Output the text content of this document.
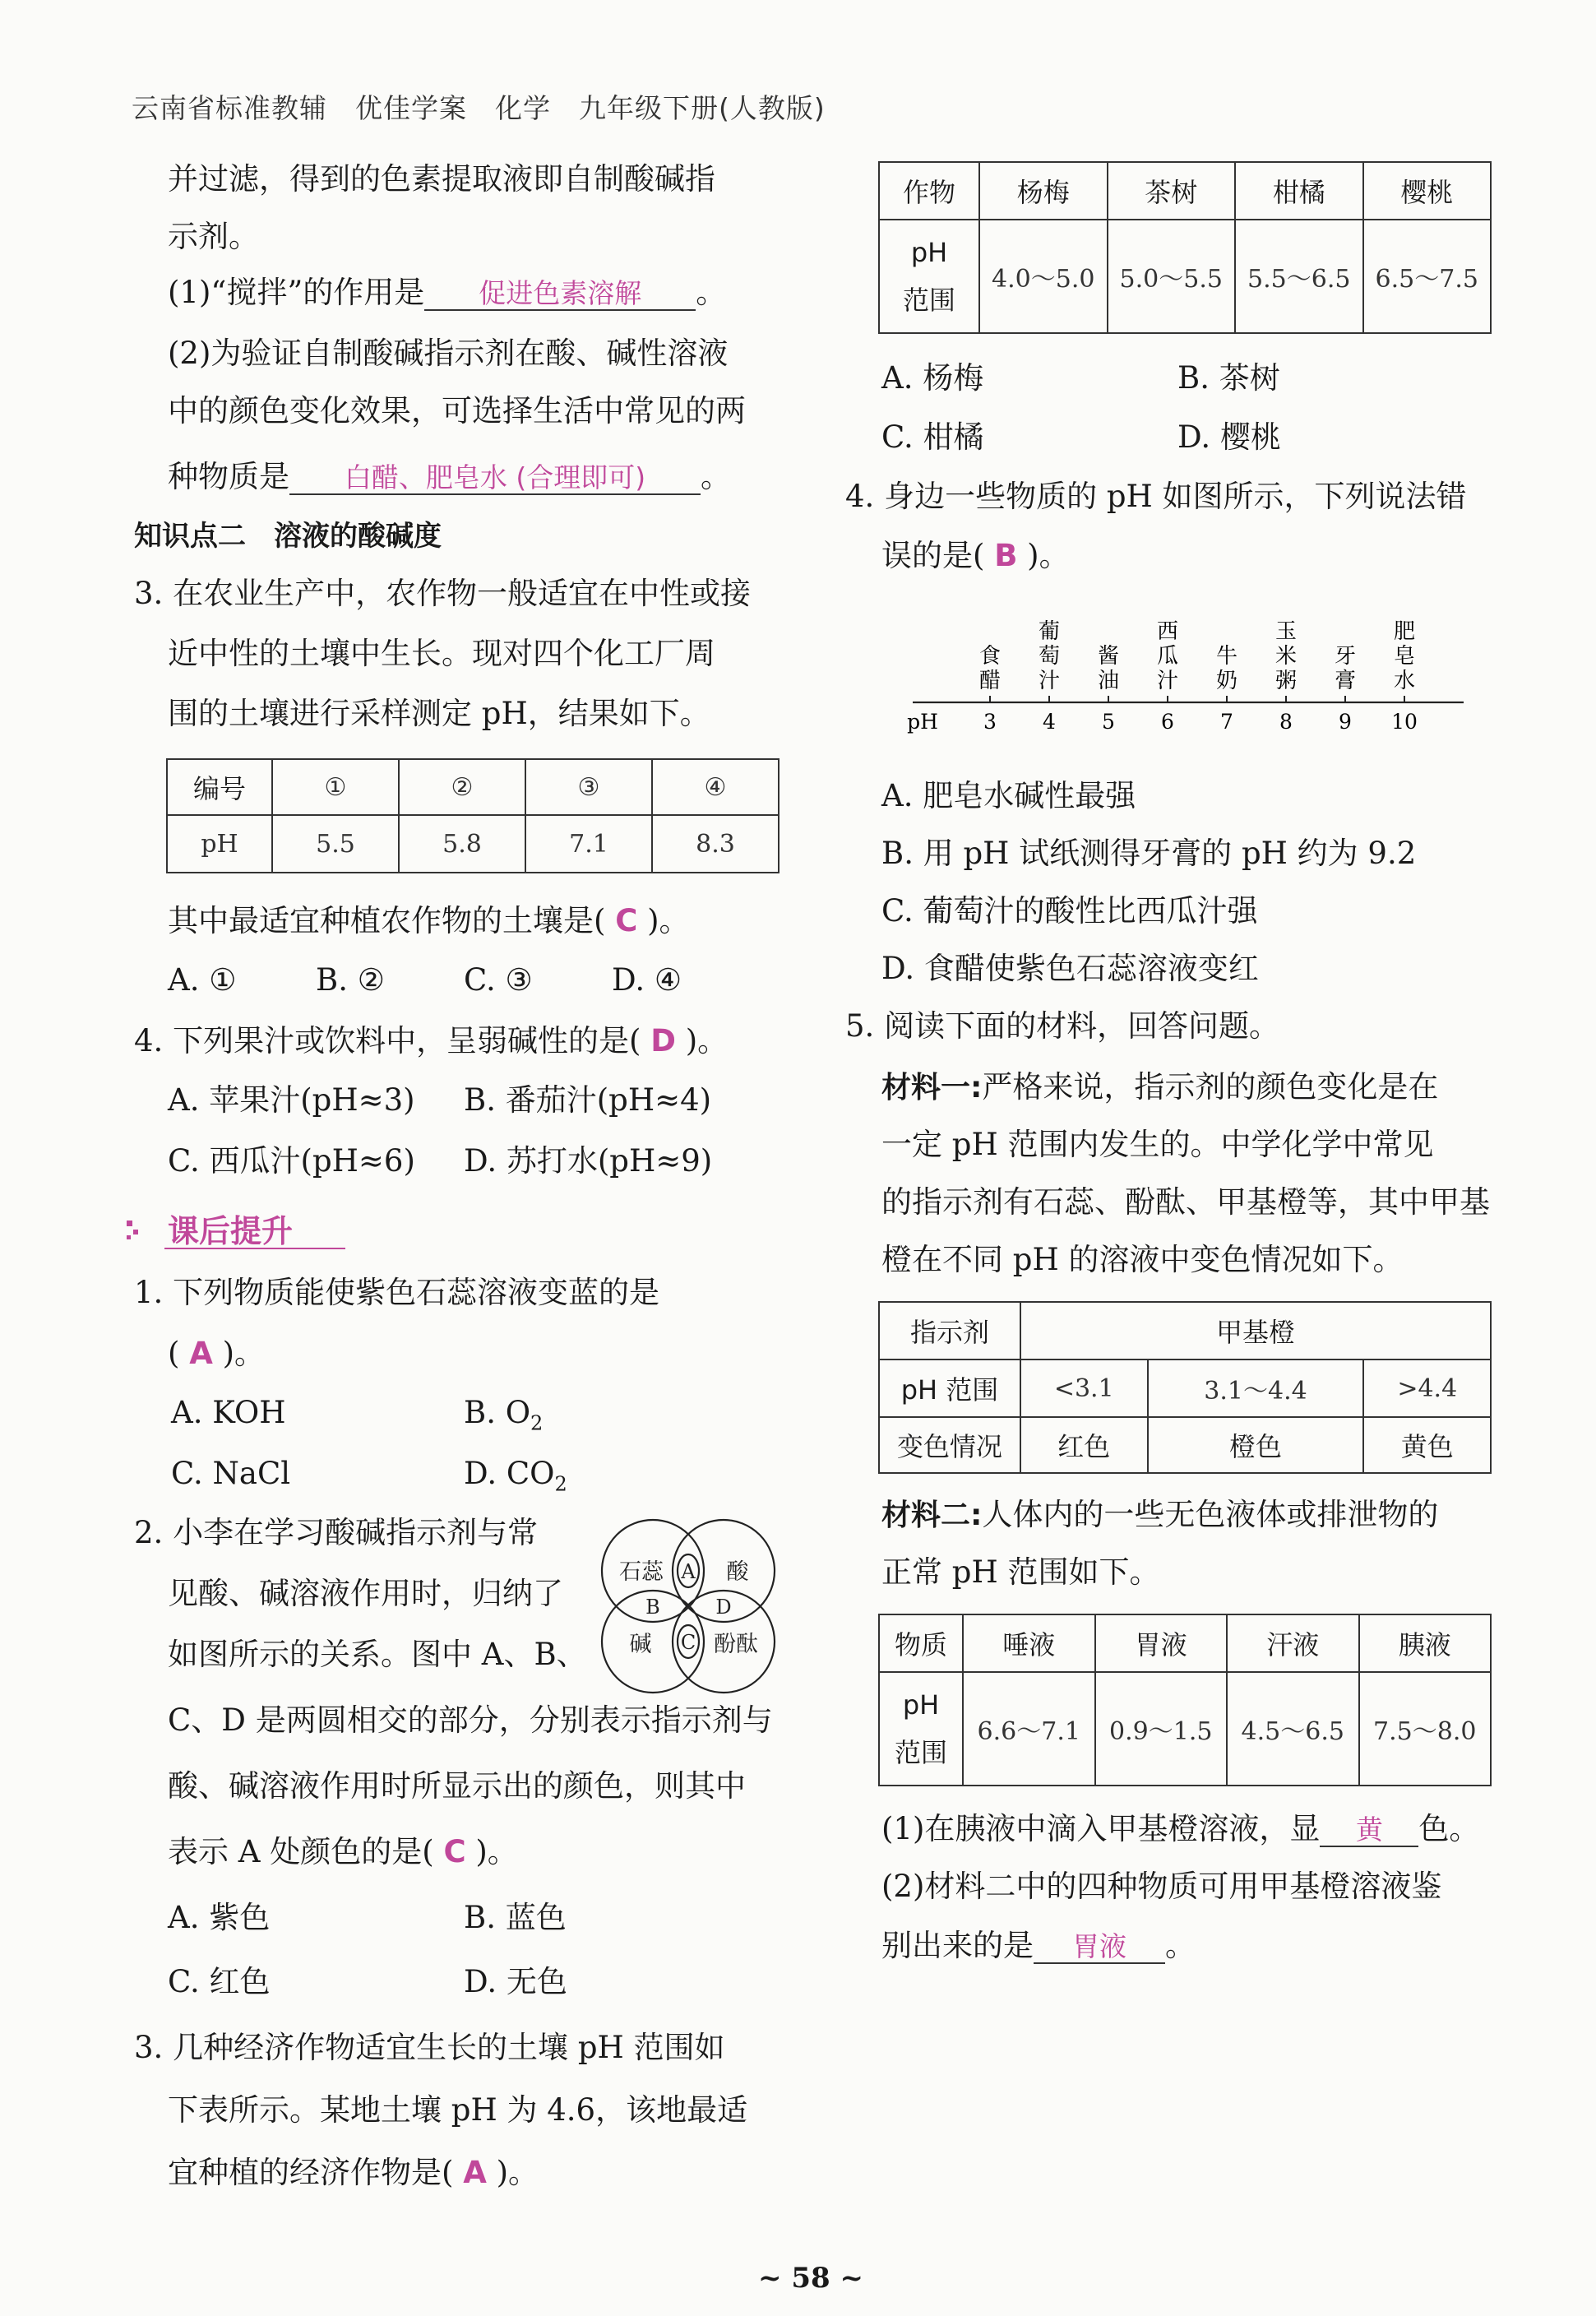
云南省标准教辅　优佳学案　化学　九年级下册(人教版)
并过滤，得到的色素提取液即自制酸碱指
示剂。
(1)“搅拌”的作用是 促进色素溶解 。
(2)为验证自制酸碱指示剂在酸、碱性溶液
中的颜色变化效果，可选择生活中常见的两
种物质是 白醋、肥皂水 (合理即可) 。
知识点二　溶液的酸碱度
3. 在农业生产中，农作物一般适宜在中性或接
近中性的土壤中生长。现对四个化工厂周
围的土壤进行采样测定 pH，结果如下。
编号	①	②	③	④
pH	5.5	5.8	7.1	8.3
其中最适宜种植农作物的土壤是( C )。
A. ①	B. ②	C. ③	D. ④
4. 下列果汁或饮料中，呈弱碱性的是( D )。
A. 苹果汁(pH≈3) B. 番茄汁(pH≈4)
C. 西瓜汁(pH≈6) D. 苏打水(pH≈9)
课后提升
1. 下列物质能使紫色石蕊溶液变蓝的是
( A )。
A. KOH	B. $O_2$
C. NaCl	D. $CO_2$
2. 小李在学习酸碱指示剂与常
见酸、碱溶液作用时，归纳了
如图所示的关系。图中 A、B、
C、D 是两圆相交的部分，分别表示指示剂与
酸、碱溶液作用时所显示出的颜色，则其中
表示 A 处颜色的是( C )。
石蕊	酸
碱	酚酞
A
B
C
D
A. 紫色	B. 蓝色
C. 红色	D. 无色
3. 几种经济作物适宜生长的土壤 pH 范围如
下表所示。某地土壤 pH 为 4.6，该地最适
宜种植的经济作物是( A )。
作物	杨梅	茶树	柑橘	樱桃

pH
范围	4.0～5.0	5.0～5.5	5.5～6.5	6.5～7.5
A. 杨梅	B. 茶树
C. 柑橘	D. 樱桃
4. 身边一些物质的 pH 如图所示，下列说法错
误的是( B )。
pH 3
食
醋
4
葡
萄
汁
5
酱
油
6
西
瓜
汁
7
牛
奶
8
玉
米
粥
9
牙
膏
10
肥
皂
水
A. 肥皂水碱性最强
B. 用 pH 试纸测得牙膏的 pH 约为 9.2
C. 葡萄汁的酸性比西瓜汁强
D. 食醋使紫色石蕊溶液变红
5. 阅读下面的材料，回答问题。
材料一:严格来说，指示剂的颜色变化是在
一定 pH 范围内发生的。中学化学中常见
的指示剂有石蕊、酚酞、甲基橙等，其中甲基
橙在不同 pH 的溶液中变色情况如下。
指示剂	甲基橙		
pH 范围	<3.1	3.1～4.4	>4.4
变色情况	红色	橙色	黄色
材料二:人体内的一些无色液体或排泄物的
正常 pH 范围如下。
物质	唾液	胃液	汗液	胰液

pH
范围	6.6～7.1	0.9～1.5	4.5～6.5	7.5～8.0
(1)在胰液中滴入甲基橙溶液，显 黄 色。
(2)材料二中的四种物质可用甲基橙溶液鉴
别出来的是 胃液 。
~ 58 ~
